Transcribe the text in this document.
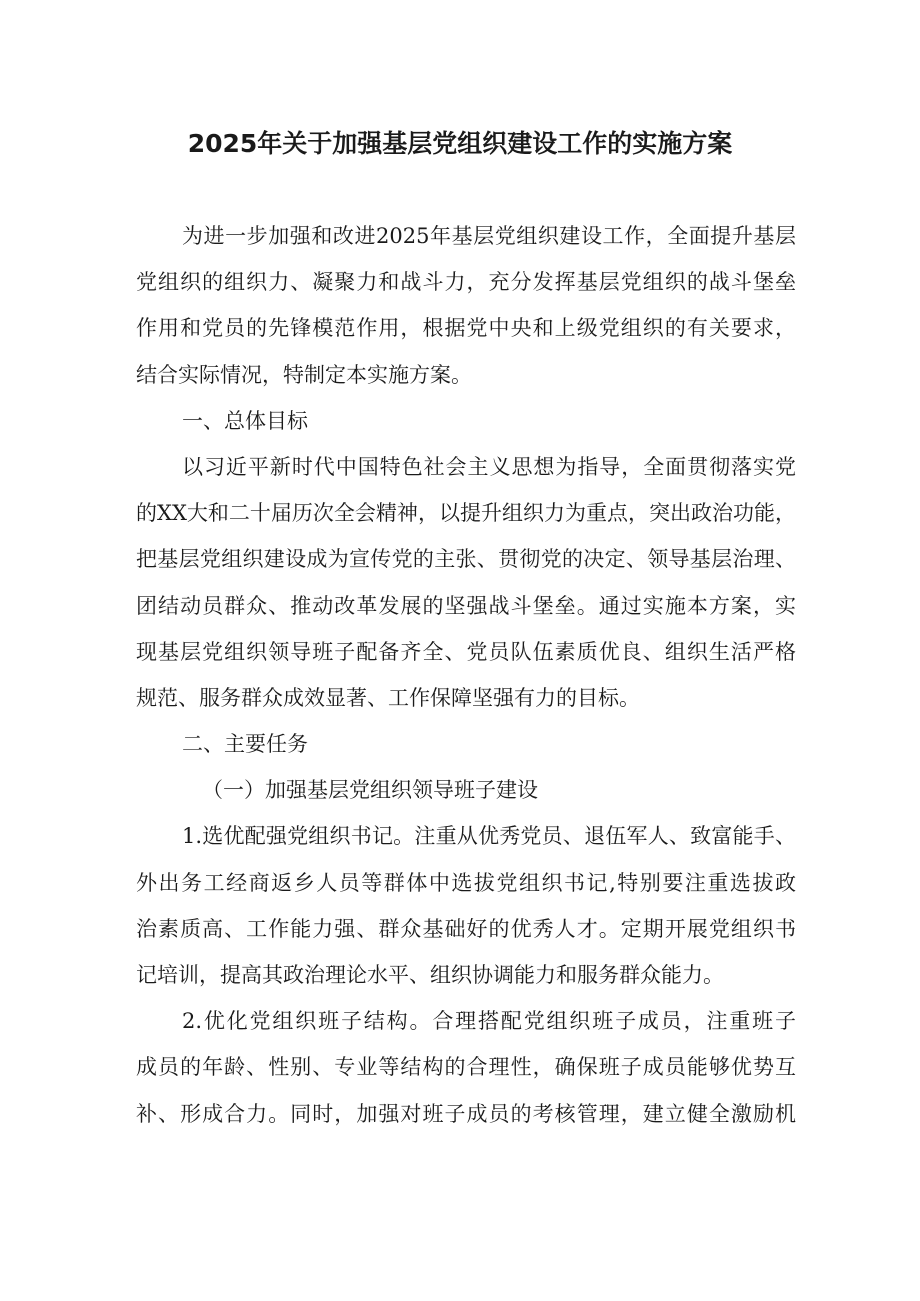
2025年关于加强基层党组织建设工作的实施方案
为进一步加强和改进2025年基层党组织建设工作，全面提升基层
党组织的组织力、凝聚力和战斗力，充分发挥基层党组织的战斗堡垒
作用和党员的先锋模范作用，根据党中央和上级党组织的有关要求，
结合实际情况，特制定本实施方案。
一、总体目标
以习近平新时代中国特色社会主义思想为指导，全面贯彻落实党
的XX大和二十届历次全会精神，以提升组织力为重点，突出政治功能，
把基层党组织建设成为宣传党的主张、贯彻党的决定、领导基层治理、
团结动员群众、推动改革发展的坚强战斗堡垒。通过实施本方案，实
现基层党组织领导班子配备齐全、党员队伍素质优良、组织生活严格
规范、服务群众成效显著、工作保障坚强有力的目标。
二、主要任务
（一）加强基层党组织领导班子建设
1.选优配强党组织书记。注重从优秀党员、退伍军人、致富能手、
外出务工经商返乡人员等群体中选拔党组织书记,特别要注重选拔政
治素质高、工作能力强、群众基础好的优秀人才。定期开展党组织书
记培训，提高其政治理论水平、组织协调能力和服务群众能力。
2.优化党组织班子结构。合理搭配党组织班子成员，注重班子
成员的年龄、性别、专业等结构的合理性，确保班子成员能够优势互
补、形成合力。同时，加强对班子成员的考核管理，建立健全激励机
